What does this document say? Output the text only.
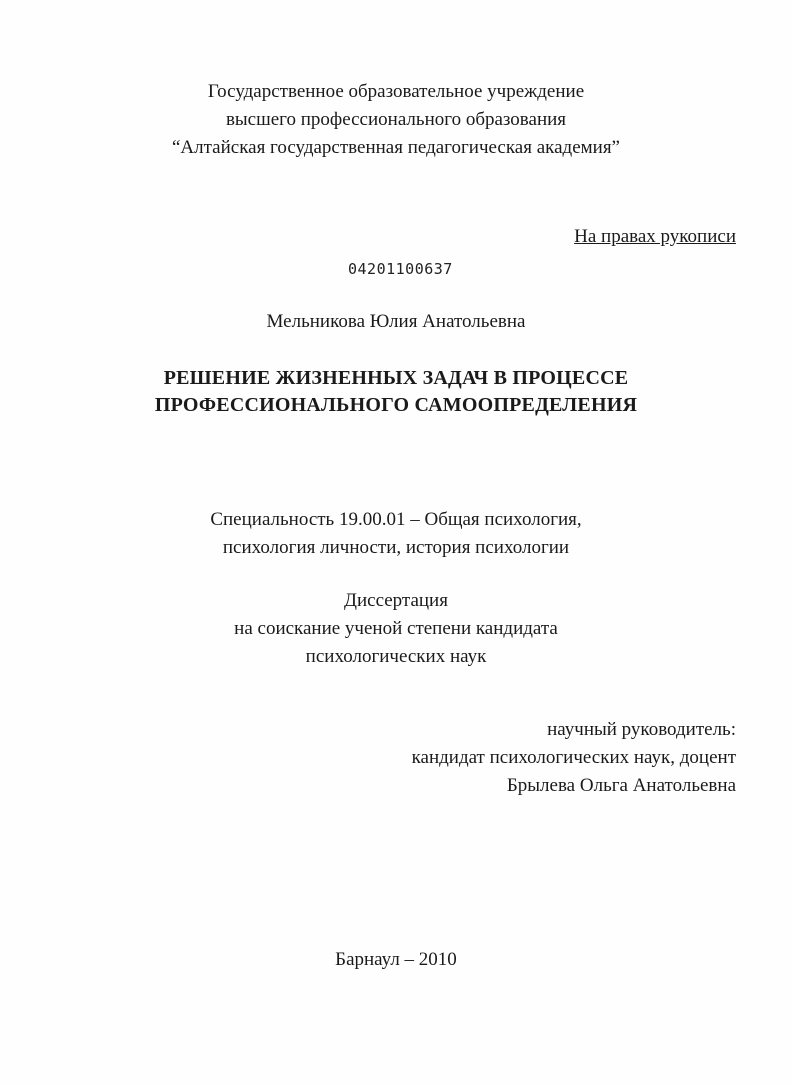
Государственное образовательное учреждение
высшего профессионального образования
“Алтайская государственная педагогическая академия”
На правах рукописи
04201100637
Мельникова Юлия Анатольевна
РЕШЕНИЕ ЖИЗНЕННЫХ ЗАДАЧ В ПРОЦЕССЕ
ПРОФЕССИОНАЛЬНОГО САМООПРЕДЕЛЕНИЯ
Специальность 19.00.01 – Общая психология,
психология личности, история психологии
Диссертация
на соискание ученой степени кандидата
психологических наук
научный руководитель:
кандидат психологических наук, доцент
Брылева Ольга Анатольевна
Барнаул – 2010
